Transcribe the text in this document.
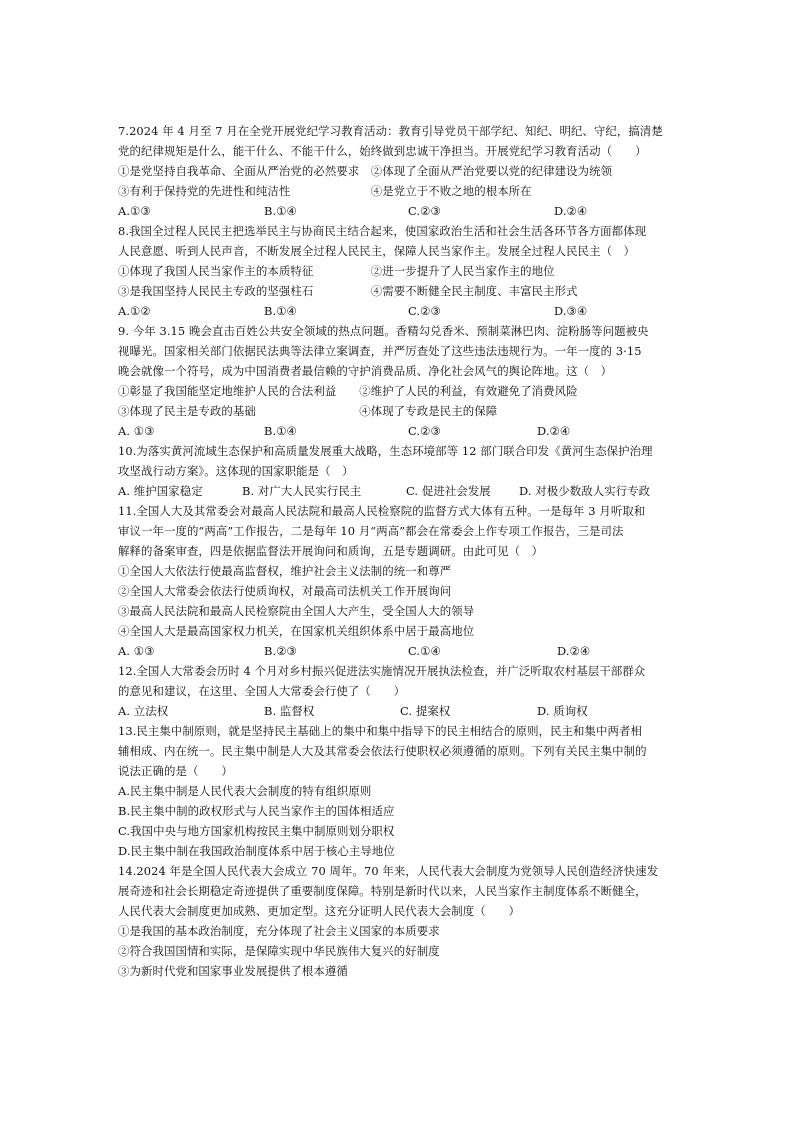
7.2024 年 4 月至 7 月在全党开展党纪学习教育活动：教育引导党员干部学纪、知纪、明纪、守纪，搞清楚
党的纪律规矩是什么，能干什么、不能干什么，始终做到忠诚干净担当。开展党纪学习教育活动（　　）
①是党坚持自我革命、全面从严治党的必然要求　②体现了全面从严治党要以党的纪律建设为统领
③有利于保持党的先进性和纯洁性　　　　　　　④是党立于不败之地的根本所在
A.①③	B.①④	C.②③	D.②④
8.我国全过程人民民主把选举民主与协商民主结合起来，使国家政治生活和社会生活各环节各方面都体现
人民意愿、听到人民声音，不断发展全过程人民民主，保障人民当家作主。发展全过程人民民主（　）
①体现了我国人民当家作主的本质特征　　　　　②进一步提升了人民当家作主的地位
③是我国坚持人民民主专政的坚强柱石　　　　　④需要不断健全民主制度、丰富民主形式
A.①②	B.①④	C.②③	D.③④
9. 今年 3.15 晚会直击百姓公共安全领域的热点问题。香精勾兑香米、预制菜淋巴肉、淀粉肠等问题被央
视曝光。国家相关部门依据民法典等法律立案调查，并严厉查处了这些违法违规行为。一年一度的 3·15
晚会就像一个符号，成为中国消费者最信赖的守护消费品质、净化社会风气的舆论阵地。这（　）
①彰显了我国能坚定地维护人民的合法利益　　②维护了人民的利益，有效避免了消费风险
③体现了民主是专政的基础　　　　　　　　　④体现了专政是民主的保障
A. ①③	B.①④	C.②③	D.②④
10.为落实黄河流域生态保护和高质量发展重大战略，生态环境部等 12 部门联合印发《黄河生态保护治理
攻坚战行动方案》。这体现的国家职能是（　）
A. 维护国家稳定	B. 对广大人民实行民主	C. 促进社会发展 D. 对极少数敌人实行专政
11.全国人大及其常委会对最高人民法院和最高人民检察院的监督方式大体有五种。一是每年 3 月听取和
审议一年一度的“两高”工作报告，二是每年 10 月“两高”都会在常委会上作专项工作报告，三是司法
解释的备案审查，四是依据监督法开展询问和质询，五是专题调研。由此可见（　）
①全国人大依法行使最高监督权，维护社会主义法制的统一和尊严
②全国人大常委会依法行使质询权，对最高司法机关工作开展询问
③最高人民法院和最高人民检察院由全国人大产生，受全国人大的领导
④全国人大是最高国家权力机关，在国家机关组织体系中居于最高地位
A. ①③	B.②③	C.①④	D.②④
12.全国人大常委会历时 4 个月对乡村振兴促进法实施情况开展执法检查，并广泛听取农村基层干部群众
的意见和建议，在这里、全国人大常委会行使了（　　）
A. 立法权	B. 监督权	C. 提案权	D. 质询权
13.民主集中制原则，就是坚持民主基础上的集中和集中指导下的民主相结合的原则，民主和集中两者相
辅相成、内在统一。民主集中制是人大及其常委会依法行使职权必须遵循的原则。下列有关民主集中制的
说法正确的是（　　）
A.民主集中制是人民代表大会制度的特有组织原则
B.民主集中制的政权形式与人民当家作主的国体相适应
C.我国中央与地方国家机构按民主集中制原则划分职权
D.民主集中制在我国政治制度体系中居于核心主导地位
14.2024 年是全国人民代表大会成立 70 周年。70 年来，人民代表大会制度为党领导人民创造经济快速发
展奇迹和社会长期稳定奇迹提供了重要制度保障。特别是新时代以来，人民当家作主制度体系不断健全，
人民代表大会制度更加成熟、更加定型。这充分证明人民代表大会制度（　　）
①是我国的基本政治制度，充分体现了社会主义国家的本质要求
②符合我国国情和实际，是保障实现中华民族伟大复兴的好制度
③为新时代党和国家事业发展提供了根本遵循
